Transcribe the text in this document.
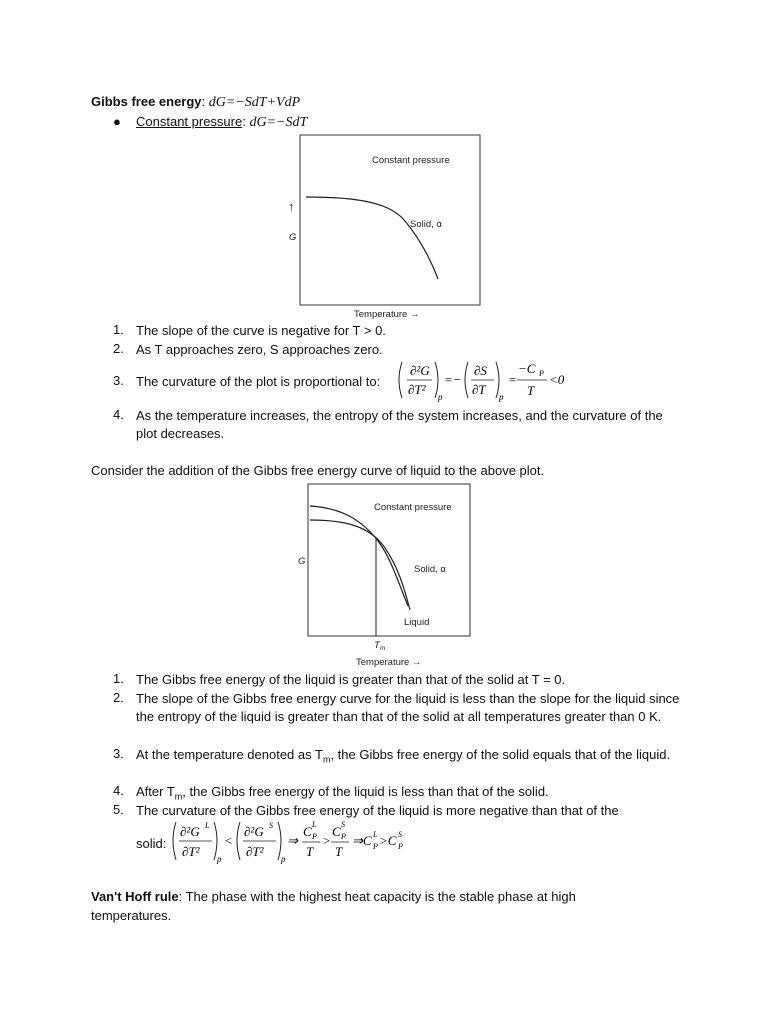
Gibbs free energy: dG=−SdT+VdP
● Constant pressure: dG=−SdT
Constant pressure
↑
G
Solid, α
Temperature →
1. The slope of the curve is negative for T > 0.
2. As T approaches zero, S approaches zero.
3. The curvature of the plot is proportional to:
∂²G
∂T² p
=−
∂S
∂T p
=
−C P
T
<0
4. As the temperature increases, the entropy of the system increases, and the curvature of the plot decreases.
Consider the addition of the Gibbs free energy curve of liquid to the above plot.
Constant pressure
G
Solid, α
Liquid
T m
Temperature →
1. The Gibbs free energy of the liquid is greater than that of the solid at T = 0.
2. The slope of the Gibbs free energy curve for the liquid is less than the slope for the liquid since the entropy of the liquid is greater than that of the solid at all temperatures greater than 0 K.
3. At the temperature denoted as $T_m$, the Gibbs free energy of the solid equals that of the liquid.
4. After $T_m$, the Gibbs free energy of the liquid is less than that of the solid.
5. The curvature of the Gibbs free energy of the liquid is more negative than that of the
solid:
∂²G L
∂T² p
<
∂²G S
∂T² p
⇒
C L
P
T
>
C S
P
T
⇒C L
P >C S
P
Van't Hoff rule: The phase with the highest heat capacity is the stable phase at high temperatures.
